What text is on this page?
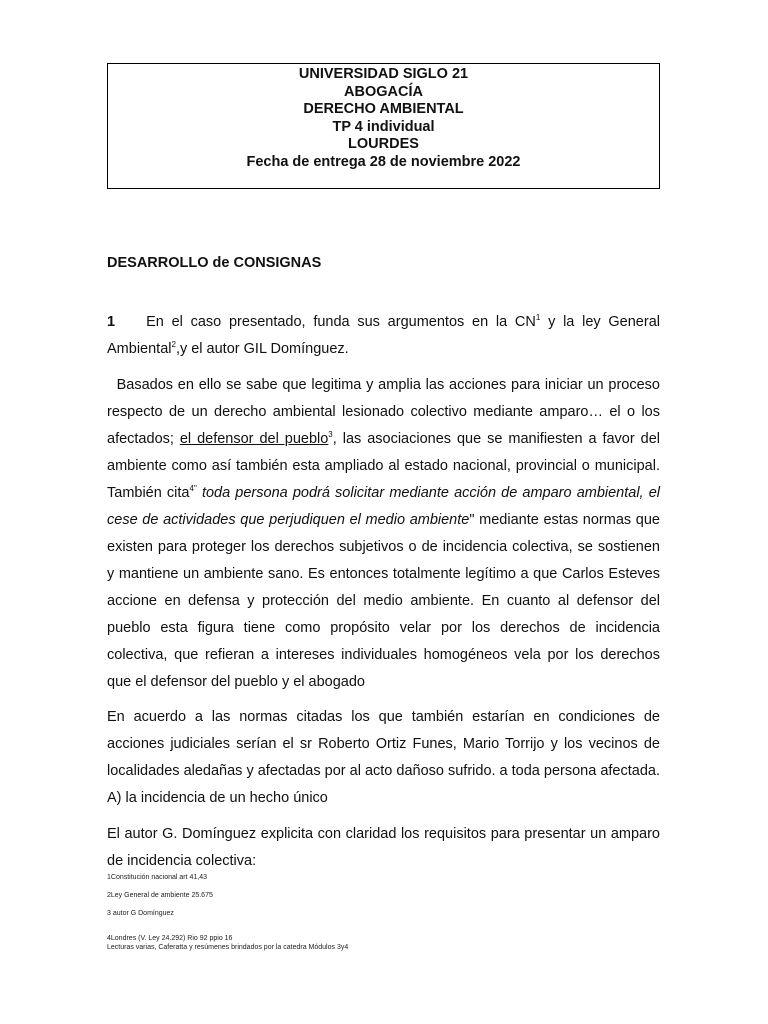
UNIVERSIDAD SIGLO 21
ABOGACÍA
DERECHO AMBIENTAL
TP 4 individual
LOURDES
Fecha de entrega 28 de noviembre 2022
DESARROLLO de CONSIGNAS

1 En el caso presentado, funda sus argumentos en la $CN^1$ y la ley General Ambiental$^2$,y el autor GIL Domínguez.

Basados en ello se sabe que legitima y amplia las acciones para iniciar un proceso respecto de un derecho ambiental lesionado colectivo mediante amparo… el o los afectados; el defensor del pueblo$^3$, las asociaciones que se manifiesten a favor del ambiente como así también esta ampliado al estado nacional, provincial o municipal. También cita$^{4"}$ toda persona podrá solicitar mediante acción de amparo ambiental, el cese de actividades que perjudiquen el medio ambiente" mediante estas normas que existen para proteger los derechos subjetivos o de incidencia colectiva, se sostienen y mantiene un ambiente sano. Es entonces totalmente legítimo a que Carlos Esteves accione en defensa y protección del medio ambiente. En cuanto al defensor del pueblo esta figura tiene como propósito velar por los derechos de incidencia colectiva, que refieran a intereses individuales homogéneos vela por los derechos que el defensor del pueblo y el abogado

En acuerdo a las normas citadas los que también estarían en condiciones de acciones judiciales serían el sr Roberto Ortiz Funes, Mario Torrijo y los vecinos de localidades aledañas y afectadas por al acto dañoso sufrido. a toda persona afectada. A) la incidencia de un hecho único

El autor G. Domínguez explicita con claridad los requisitos para presentar un amparo de incidencia colectiva:

1Constitución nacional art 41,43
2Ley General de ambiente 25.675
3 autor G Domínguez
4Londres (V. Ley 24.292) Rio 92 ppio 16
Lecturas varias, Caferatta y resúmenes brindados por la catedra Módulos 3y4
